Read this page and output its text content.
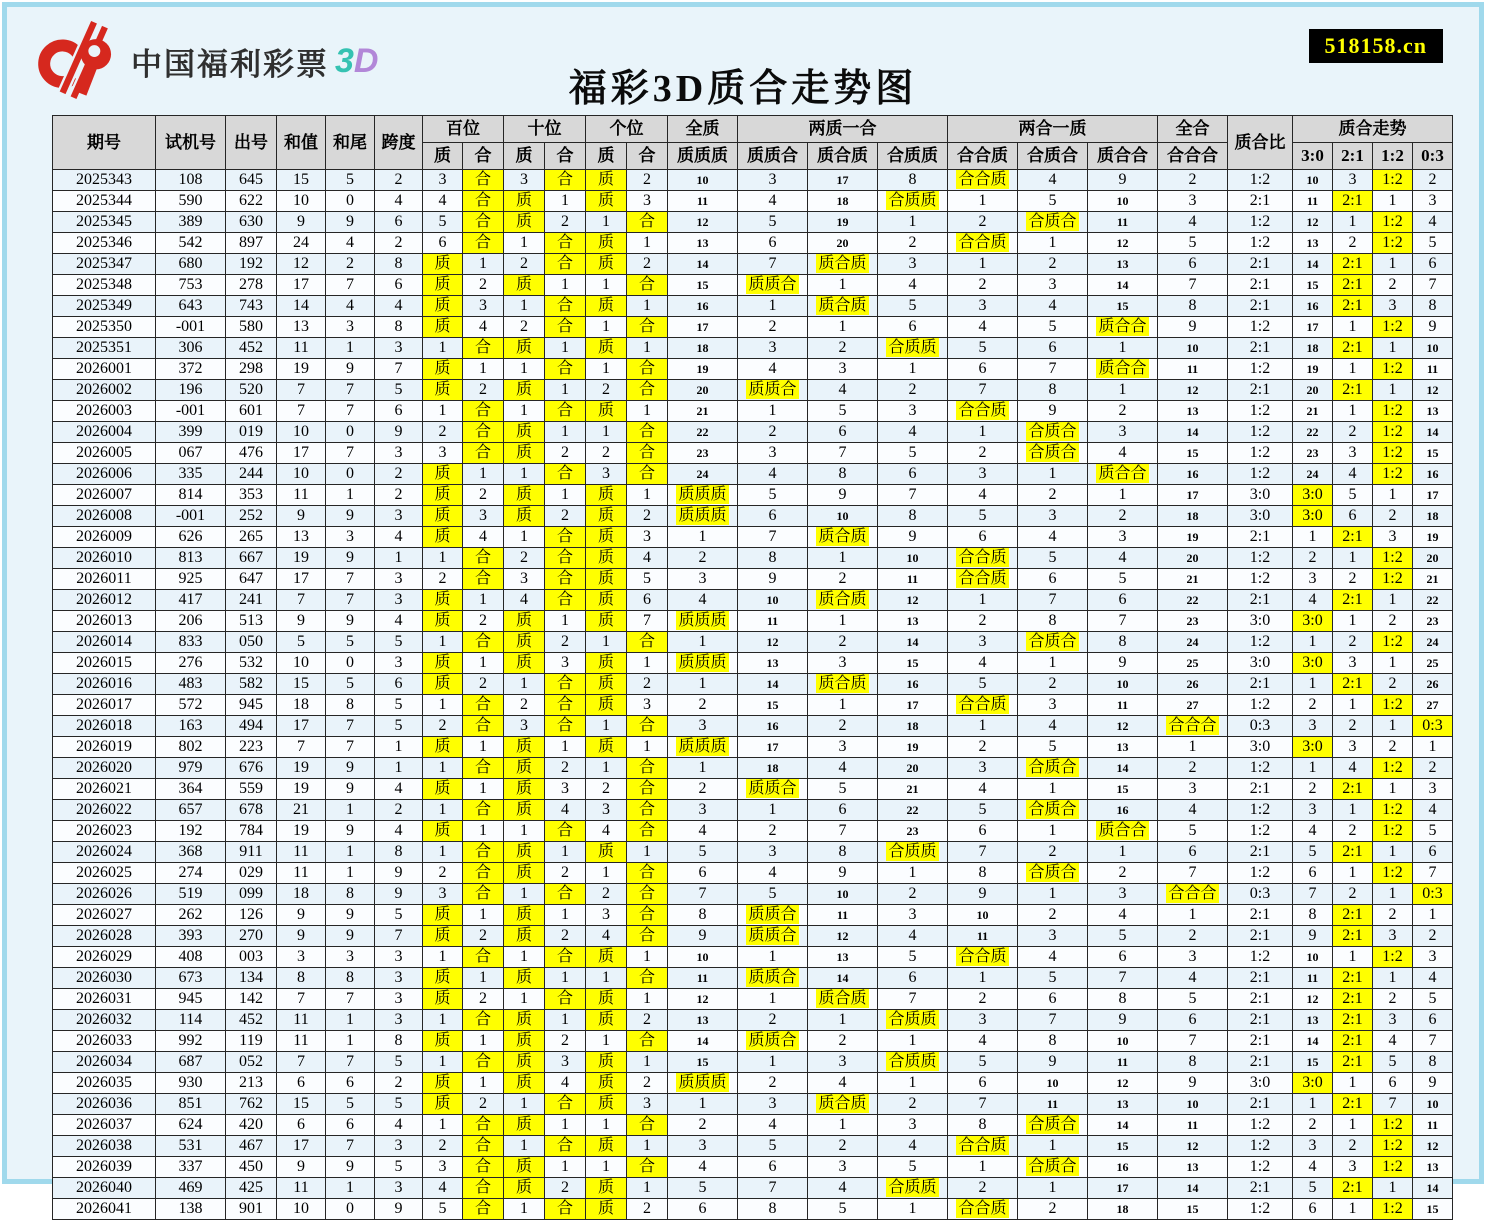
中国福利彩票 3D
福彩3D质合走势图
518158.cn
期号	试机号	出号	和值	和尾	跨度	百位		十位		个位		全质	两质一合			两合一质			全合	质合比	质合走势			
						质	合	质	合	质	合	质质质	质质合	质合质	合质质	合合质	合质合	质合合	合合合		3:0	2:1	1:2	0:3
2025343	108	645	15	5	2	3	合	3	合	质	2	10	3	17	8	合合质	4	9	2	1:2	10	3	1:2	2
2025344	590	622	10	0	4	4	合	质	1	质	3	11	4	18	合质质	1	5	10	3	2:1	11	2:1	1	3
2025345	389	630	9	9	6	5	合	质	2	1	合	12	5	19	1	2	合质合	11	4	1:2	12	1	1:2	4
2025346	542	897	24	4	2	6	合	1	合	质	1	13	6	20	2	合合质	1	12	5	1:2	13	2	1:2	5
2025347	680	192	12	2	8	质	1	2	合	质	2	14	7	质合质	3	1	2	13	6	2:1	14	2:1	1	6
2025348	753	278	17	7	6	质	2	质	1	1	合	15	质质合	1	4	2	3	14	7	2:1	15	2:1	2	7
2025349	643	743	14	4	4	质	3	1	合	质	1	16	1	质合质	5	3	4	15	8	2:1	16	2:1	3	8
2025350	-001	580	13	3	8	质	4	2	合	1	合	17	2	1	6	4	5	质合合	9	1:2	17	1	1:2	9
2025351	306	452	11	1	3	1	合	质	1	质	1	18	3	2	合质质	5	6	1	10	2:1	18	2:1	1	10
2026001	372	298	19	9	7	质	1	1	合	1	合	19	4	3	1	6	7	质合合	11	1:2	19	1	1:2	11
2026002	196	520	7	7	5	质	2	质	1	2	合	20	质质合	4	2	7	8	1	12	2:1	20	2:1	1	12
2026003	-001	601	7	7	6	1	合	1	合	质	1	21	1	5	3	合合质	9	2	13	1:2	21	1	1:2	13
2026004	399	019	10	0	9	2	合	质	1	1	合	22	2	6	4	1	合质合	3	14	1:2	22	2	1:2	14
2026005	067	476	17	7	3	3	合	质	2	2	合	23	3	7	5	2	合质合	4	15	1:2	23	3	1:2	15
2026006	335	244	10	0	2	质	1	1	合	3	合	24	4	8	6	3	1	质合合	16	1:2	24	4	1:2	16
2026007	814	353	11	1	2	质	2	质	1	质	1	质质质	5	9	7	4	2	1	17	3:0	3:0	5	1	17
2026008	-001	252	9	9	3	质	3	质	2	质	2	质质质	6	10	8	5	3	2	18	3:0	3:0	6	2	18
2026009	626	265	13	3	4	质	4	1	合	质	3	1	7	质合质	9	6	4	3	19	2:1	1	2:1	3	19
2026010	813	667	19	9	1	1	合	2	合	质	4	2	8	1	10	合合质	5	4	20	1:2	2	1	1:2	20
2026011	925	647	17	7	3	2	合	3	合	质	5	3	9	2	11	合合质	6	5	21	1:2	3	2	1:2	21
2026012	417	241	7	7	3	质	1	4	合	质	6	4	10	质合质	12	1	7	6	22	2:1	4	2:1	1	22
2026013	206	513	9	9	4	质	2	质	1	质	7	质质质	11	1	13	2	8	7	23	3:0	3:0	1	2	23
2026014	833	050	5	5	5	1	合	质	2	1	合	1	12	2	14	3	合质合	8	24	1:2	1	2	1:2	24
2026015	276	532	10	0	3	质	1	质	3	质	1	质质质	13	3	15	4	1	9	25	3:0	3:0	3	1	25
2026016	483	582	15	5	6	质	2	1	合	质	2	1	14	质合质	16	5	2	10	26	2:1	1	2:1	2	26
2026017	572	945	18	8	5	1	合	2	合	质	3	2	15	1	17	合合质	3	11	27	1:2	2	1	1:2	27
2026018	163	494	17	7	5	2	合	3	合	1	合	3	16	2	18	1	4	12	合合合	0:3	3	2	1	0:3
2026019	802	223	7	7	1	质	1	质	1	质	1	质质质	17	3	19	2	5	13	1	3:0	3:0	3	2	1
2026020	979	676	19	9	1	1	合	质	2	1	合	1	18	4	20	3	合质合	14	2	1:2	1	4	1:2	2
2026021	364	559	19	9	4	质	1	质	3	2	合	2	质质合	5	21	4	1	15	3	2:1	2	2:1	1	3
2026022	657	678	21	1	2	1	合	质	4	3	合	3	1	6	22	5	合质合	16	4	1:2	3	1	1:2	4
2026023	192	784	19	9	4	质	1	1	合	4	合	4	2	7	23	6	1	质合合	5	1:2	4	2	1:2	5
2026024	368	911	11	1	8	1	合	质	1	质	1	5	3	8	合质质	7	2	1	6	2:1	5	2:1	1	6
2026025	274	029	11	1	9	2	合	质	2	1	合	6	4	9	1	8	合质合	2	7	1:2	6	1	1:2	7
2026026	519	099	18	8	9	3	合	1	合	2	合	7	5	10	2	9	1	3	合合合	0:3	7	2	1	0:3
2026027	262	126	9	9	5	质	1	质	1	3	合	8	质质合	11	3	10	2	4	1	2:1	8	2:1	2	1
2026028	393	270	9	9	7	质	2	质	2	4	合	9	质质合	12	4	11	3	5	2	2:1	9	2:1	3	2
2026029	408	003	3	3	3	1	合	1	合	质	1	10	1	13	5	合合质	4	6	3	1:2	10	1	1:2	3
2026030	673	134	8	8	3	质	1	质	1	1	合	11	质质合	14	6	1	5	7	4	2:1	11	2:1	1	4
2026031	945	142	7	7	3	质	2	1	合	质	1	12	1	质合质	7	2	6	8	5	2:1	12	2:1	2	5
2026032	114	452	11	1	3	1	合	质	1	质	2	13	2	1	合质质	3	7	9	6	2:1	13	2:1	3	6
2026033	992	119	11	1	8	质	1	质	2	1	合	14	质质合	2	1	4	8	10	7	2:1	14	2:1	4	7
2026034	687	052	7	7	5	1	合	质	3	质	1	15	1	3	合质质	5	9	11	8	2:1	15	2:1	5	8
2026035	930	213	6	6	2	质	1	质	4	质	2	质质质	2	4	1	6	10	12	9	3:0	3:0	1	6	9
2026036	851	762	15	5	5	质	2	1	合	质	3	1	3	质合质	2	7	11	13	10	2:1	1	2:1	7	10
2026037	624	420	6	6	4	1	合	质	1	1	合	2	4	1	3	8	合质合	14	11	1:2	2	1	1:2	11
2026038	531	467	17	7	3	2	合	1	合	质	1	3	5	2	4	合合质	1	15	12	1:2	3	2	1:2	12
2026039	337	450	9	9	5	3	合	质	1	1	合	4	6	3	5	1	合质合	16	13	1:2	4	3	1:2	13
2026040	469	425	11	1	3	4	合	质	2	质	1	5	7	4	合质质	2	1	17	14	2:1	5	2:1	1	14
2026041	138	901	10	0	9	5	合	1	合	质	2	6	8	5	1	合合质	2	18	15	1:2	6	1	1:2	15
